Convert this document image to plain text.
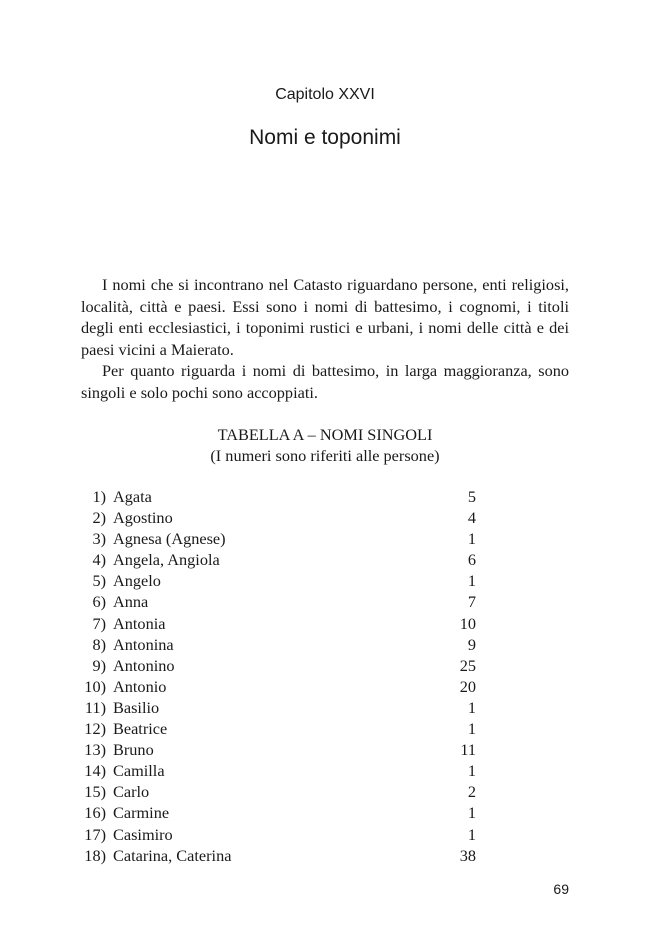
Capitolo XXVI
Nomi e toponimi

I nomi che si incontrano nel Catasto riguardano persone, enti religiosi, località, città e paesi. Essi sono i nomi di battesimo, i cognomi, i titoli degli enti ecclesiastici, i toponimi rustici e urbani, i nomi delle città e dei paesi vicini a Maierato.

Per quanto riguarda i nomi di battesimo, in larga maggioranza, sono singoli e solo pochi sono accoppiati.

TABELLA A – NOMI SINGOLI
(I numeri sono riferiti alle persone)
1) Agata	5
2) Agostino	4
3) Agnesa (Agnese)	1
4) Angela, Angiola	6
5) Angelo	1
6) Anna	7
7) Antonia	10
8) Antonina	9
9) Antonino	25
10) Antonio	20
11) Basilio	1
12) Beatrice	1
13) Bruno	11
14) Camilla	1
15) Carlo	2
16) Carmine	1
17) Casimiro	1
18) Catarina, Caterina	38
69
